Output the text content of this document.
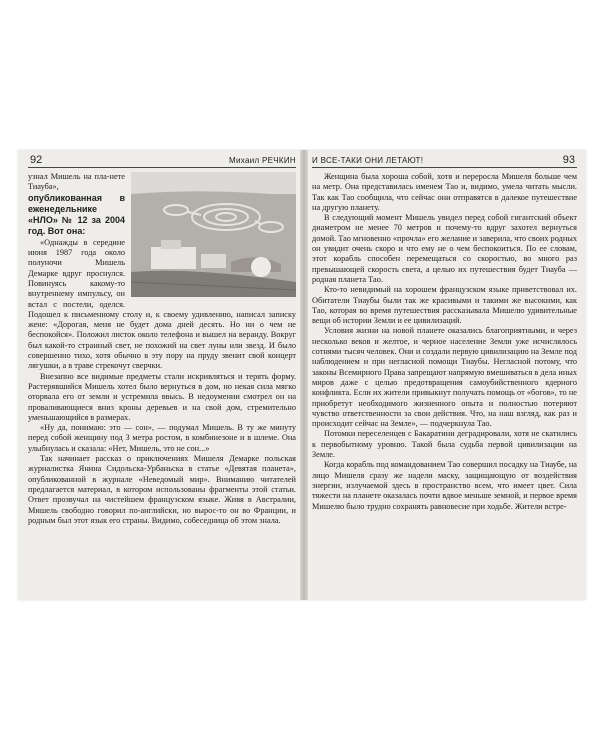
92	Михаил РЕЧКИН И ВСЕ-ТАКИ ОНИ ЛЕТАЮТ!	93

узнал Мишель на пла-нете Тиауба», опубликованная в еженедельнике «НЛО» № 12 за 2004 год. Вот она:

«Однажды в середине июня 1987 года около полуночи Мишель Демарке вдруг проснулся. Повинуясь какому-то внутреннему импульсу, он встал с постели, оделся. Подошел к письменному столу и, к своему удивлению, написал записку жене: «Дорогая, меня не будет дома дней десять. Но ни о чем не беспокойся». Положил листок около телефона и вышел на веранду. Вокруг был какой-то странный свет, не похожий на свет луны или звезд. И было совершенно тихо, хотя обычно в эту пору на пруду звенит свой концерт лягушки, а в траве стрекочут сверчки.

Внезапно все видимые предметы стали искривляться и терять форму. Растерявшийся Мишель хотел было вернуться в дом, но некая сила мягко оторвала его от земли и устремила ввысь. В недоумении смотрел он на проваливающиеся вниз кроны деревьев и на свой дом, стремительно уменьшающийся в размерах.

«Ну да, понимаю: это — сон», — подумал Мишель. В ту же минуту перед собой женщину под 3 метра ростом, в комбинезоне и в шлеме. Она улыбнулась и сказала: «Нет, Мишель, это не сон...»

Так начинает рассказ о приключениях Мишеля Демарке польская журналистка Янина Сидольска-Урбаньска в статье «Девятая планета», опубликованной в журнале «Неведомый мир». Вниманию читателей предлагается материал, в котором использованы фрагменты этой статьи. Ответ прозвучал на чистейшем французском языке. Живя в Австралии, Мишель свободно говорил по-английски, но вырос-то он во Франции, и родным был этот язык его страны. Видимо, собеседница об этом знала.

Женщина была хороша собой, хотя и переросла Мишеля больше чем на метр. Она представилась именем Тао и, видимо, умела читать мысли. Так как Тао сообщила, что сейчас они отправятся в далекое путешествие на другую планету.

В следующий момент Мишель увидел перед собой гигантский объект диаметром не менее 70 метров и почему-то вдруг захотел вернуться домой. Тао мгновенно «прочла» его желание и заверила, что своих родных он увидит очень скоро и что ему не о чем беспокоиться. По ее словам, этот корабль способен перемещаться со скоростью, во много раз превышающей скорость света, а целью их путешествия будет Тиауба — родная планета Тао.

Кто-то невидимый на хорошем французском языке приветствовал их. Обитатели Тиаубы были так же красивыми и такими же высокими, как Тао, которая во время путешествия рассказывала Мишелю удивительные вещи об истории Земли и ее цивилизаций.

Условия жизни на новой планете оказались благоприятными, и через несколько веков и желтое, и черное население Земли уже исчислялось сотнями тысяч человек. Они и создали первую цивилизацию на Земле под наблюдением и при негласной помощи Тиаубы. Негласной потому, что законы Всемирного Права запрещают напрямую вмешиваться в дела иных миров даже с целью предотвращения самоубийственного ядерного конфликта. Если их жители привыкнут получать помощь от «богов», то не приобретут необходимого жизненного опыта и полностью потеряют чувство ответственности за свои действия. Что, на наш взгляд, как раз и происходит сейчас на Земле», — подчеркнула Тао.

Потомки переселенцев с Бакаратини деградировали, хотя не скатились к первобытному уровню. Такой была судьба первой цивилизации на Земле.

Когда корабль под командованием Тао совершил посадку на Тиаубе, на лицо Мишеля сразу же надели маску, защищающую от воздействия энергии, излучаемой здесь в пространство всем, что имеет цвет. Сила тяжести на планете оказалась почти вдвое меньше земной, и первое время Мишелю было трудно сохранять равновесие при ходьбе. Жители встре-
